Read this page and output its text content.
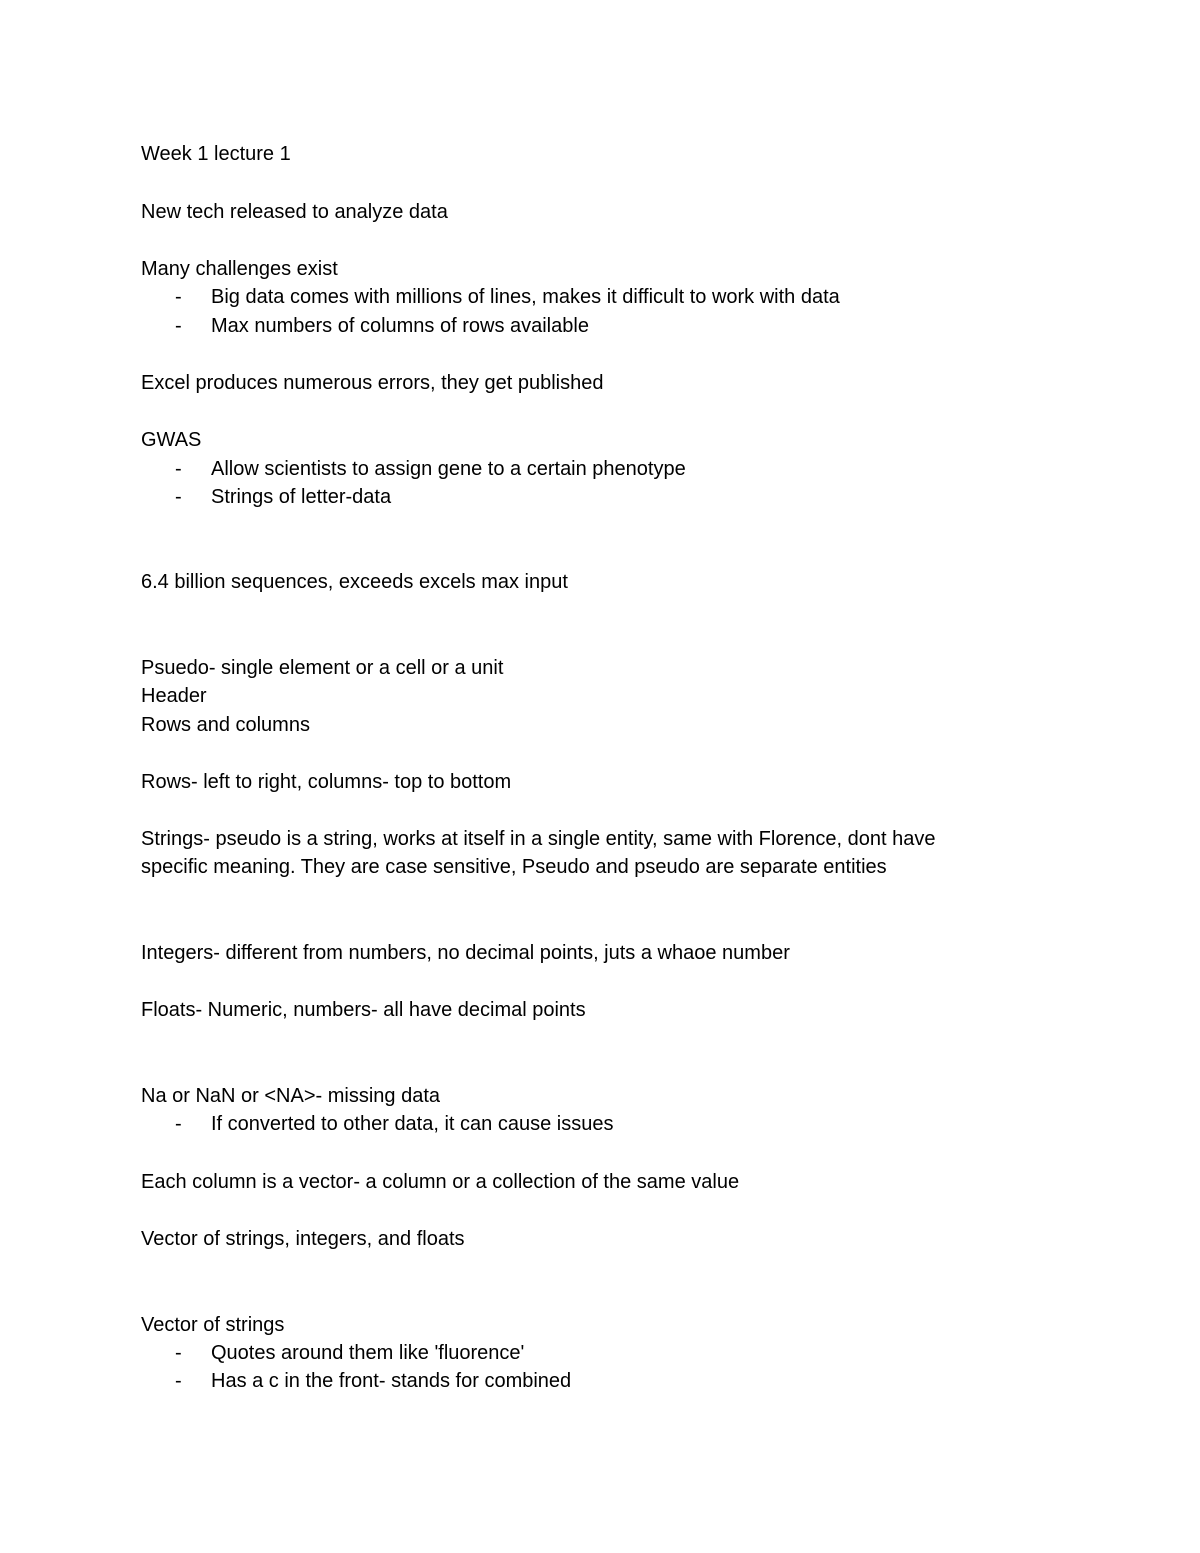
Week 1 lecture 1
New tech released to analyze data
Many challenges exist
- Big data comes with millions of lines, makes it difficult to work with data
- Max numbers of columns of rows available
Excel produces numerous errors, they get published
GWAS
- Allow scientists to assign gene to a certain phenotype
- Strings of letter-data
6.4 billion sequences, exceeds excels max input
Psuedo- single element or a cell or a unit
Header
Rows and columns
Rows- left to right, columns- top to bottom
Strings- pseudo is a string, works at itself in a single entity, same with Florence, dont have
specific meaning. They are case sensitive, Pseudo and pseudo are separate entities
Integers- different from numbers, no decimal points, juts a whaoe number
Floats- Numeric, numbers- all have decimal points
Na or NaN or <NA>- missing data
- If converted to other data, it can cause issues
Each column is a vector- a column or a collection of the same value
Vector of strings, integers, and floats
Vector of strings
- Quotes around them like 'fluorence'
- Has a c in the front- stands for combined
